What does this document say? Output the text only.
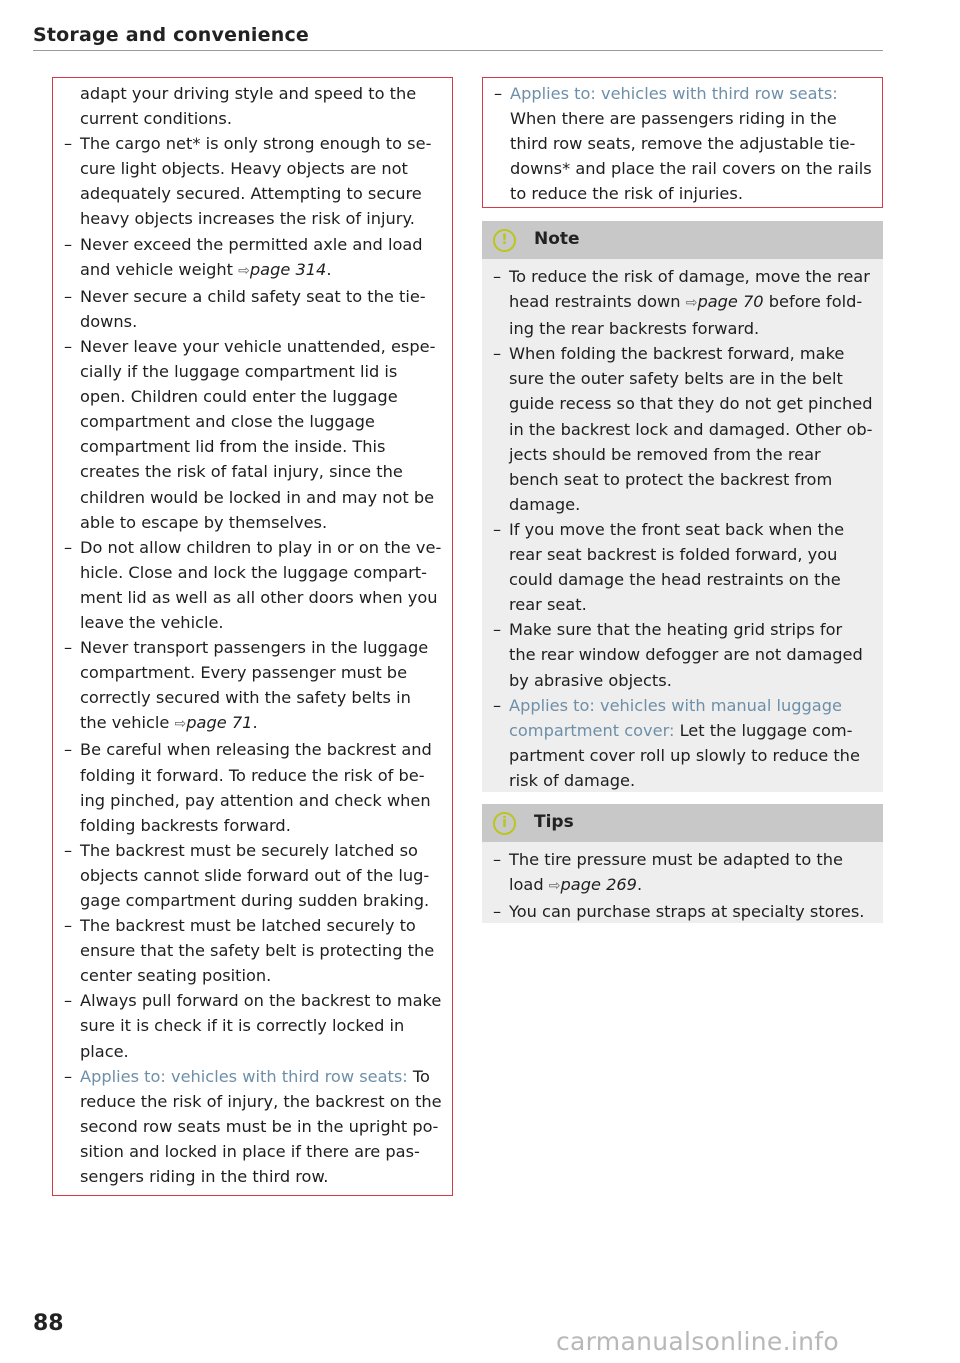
Storage and convenience
adapt your driving style and speed to the current conditions.
– The cargo net* is only strong enough to secure light objects. Heavy objects are not adequately secured. Attempting to secure heavy objects increases the risk of injury.
– Never exceed the permitted axle and load and vehicle weight ⇨page 314.
– Never secure a child safety seat to the tie-downs.
– Never leave your vehicle unattended, especially if the luggage compartment lid is open. Children could enter the luggage compartment and close the luggage compartment lid from the inside. This creates the risk of fatal injury, since the children would be locked in and may not be able to escape by themselves.
– Do not allow children to play in or on the vehicle. Close and lock the luggage compartment lid as well as all other doors when you leave the vehicle.
– Never transport passengers in the luggage compartment. Every passenger must be correctly secured with the safety belts in the vehicle ⇨page 71.
– Be careful when releasing the backrest and folding it forward. To reduce the risk of being pinched, pay attention and check when folding backrests forward.
– The backrest must be securely latched so objects cannot slide forward out of the luggage compartment during sudden braking.
– The backrest must be latched securely to ensure that the safety belt is protecting the center seating position.
– Always pull forward on the backrest to make sure it is check if it is correctly locked in place.
– Applies to: vehicles with third row seats: To reduce the risk of injury, the backrest on the second row seats must be in the upright position and locked in place if there are passengers riding in the third row.
– Applies to: vehicles with third row seats: When there are passengers riding in the third row seats, remove the adjustable tie-downs* and place the rail covers on the rails to reduce the risk of injuries.
!	Note
– To reduce the risk of damage, move the rear head restraints down ⇨page 70 before folding the rear backrests forward.
– When folding the backrest forward, make sure the outer safety belts are in the belt guide recess so that they do not get pinched in the backrest lock and damaged. Other objects should be removed from the rear bench seat to protect the backrest from damage.
– If you move the front seat back when the rear seat backrest is folded forward, you could damage the head restraints on the rear seat.
– Make sure that the heating grid strips for the rear window defogger are not damaged by abrasive objects.
– Applies to: vehicles with manual luggage compartment cover: Let the luggage compartment cover roll up slowly to reduce the risk of damage.
i	Tips
– The tire pressure must be adapted to the load ⇨page 269.
– You can purchase straps at specialty stores.
88
carmanualsonline.info
